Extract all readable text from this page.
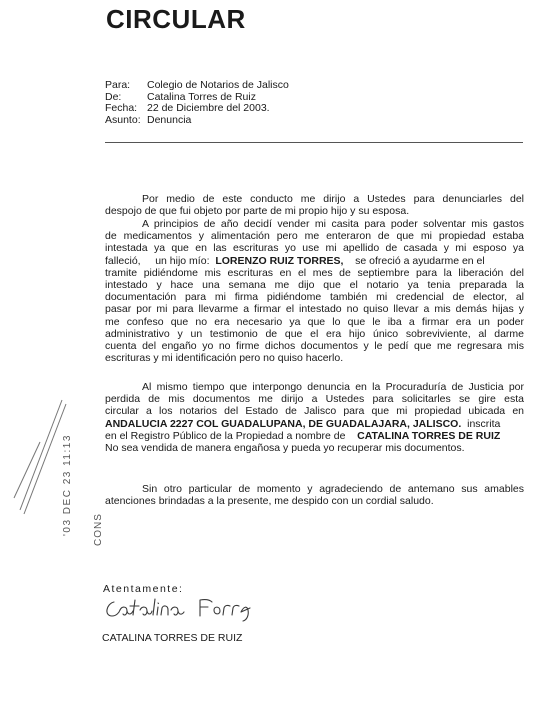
CIRCULAR
Para:	Colegio de Notarios de Jalisco
De:	Catalina Torres de Ruiz
Fecha: 22 de Diciembre del 2003.
Asunto: Denuncia
Por medio de este conducto me dirijo a Ustedes para denunciarles del
despojo de que fui objeto por parte de mi propio hijo y su esposa.
A principios de año decidí vender mi casita para poder solventar mis gastos
de medicamentos y alimentación pero me enteraron de que mi propiedad estaba
intestada ya que en las escrituras yo use mi apellido de casada y mi esposo ya
falleció, un hijo mío: LORENZO RUIZ TORRES, se ofreció a ayudarme en el
tramite pidiéndome mis escrituras en el mes de septiembre para la liberación del
intestado y hace una semana me dijo que el notario ya tenia preparada la
documentación para mi firma pidiéndome también mi credencial de elector, al
pasar por mi para llevarme a firmar el intestado no quiso llevar a mis demás hijas y
me confeso que no era necesario ya que lo que le iba a firmar era un poder
administrativo y un testimonio de que el era hijo único sobreviviente, al darme
cuenta del engaño yo no firme dichos documentos y le pedí que me regresara mis
escrituras y mi identificación pero no quiso hacerlo.
Al mismo tiempo que interpongo denuncia en la Procuraduría de Justicia por
perdida de mis documentos me dirijo a Ustedes para solicitarles se gire esta
circular a los notarios del Estado de Jalisco para que mi propiedad ubicada en
ANDALUCIA 2227 COL GUADALUPANA, DE GUADALAJARA, JALISCO. inscrita
en el Registro Público de la Propiedad a nombre de CATALINA TORRES DE RUIZ
No sea vendida de manera engañosa y pueda yo recuperar mis documentos.
Sin otro particular de momento y agradeciendo de antemano sus amables
atenciones brindadas a la presente, me despido con un cordial saludo.
'03 DEC 23 11:13 CONS
Atentamente:
CATALINA TORRES DE RUIZ
